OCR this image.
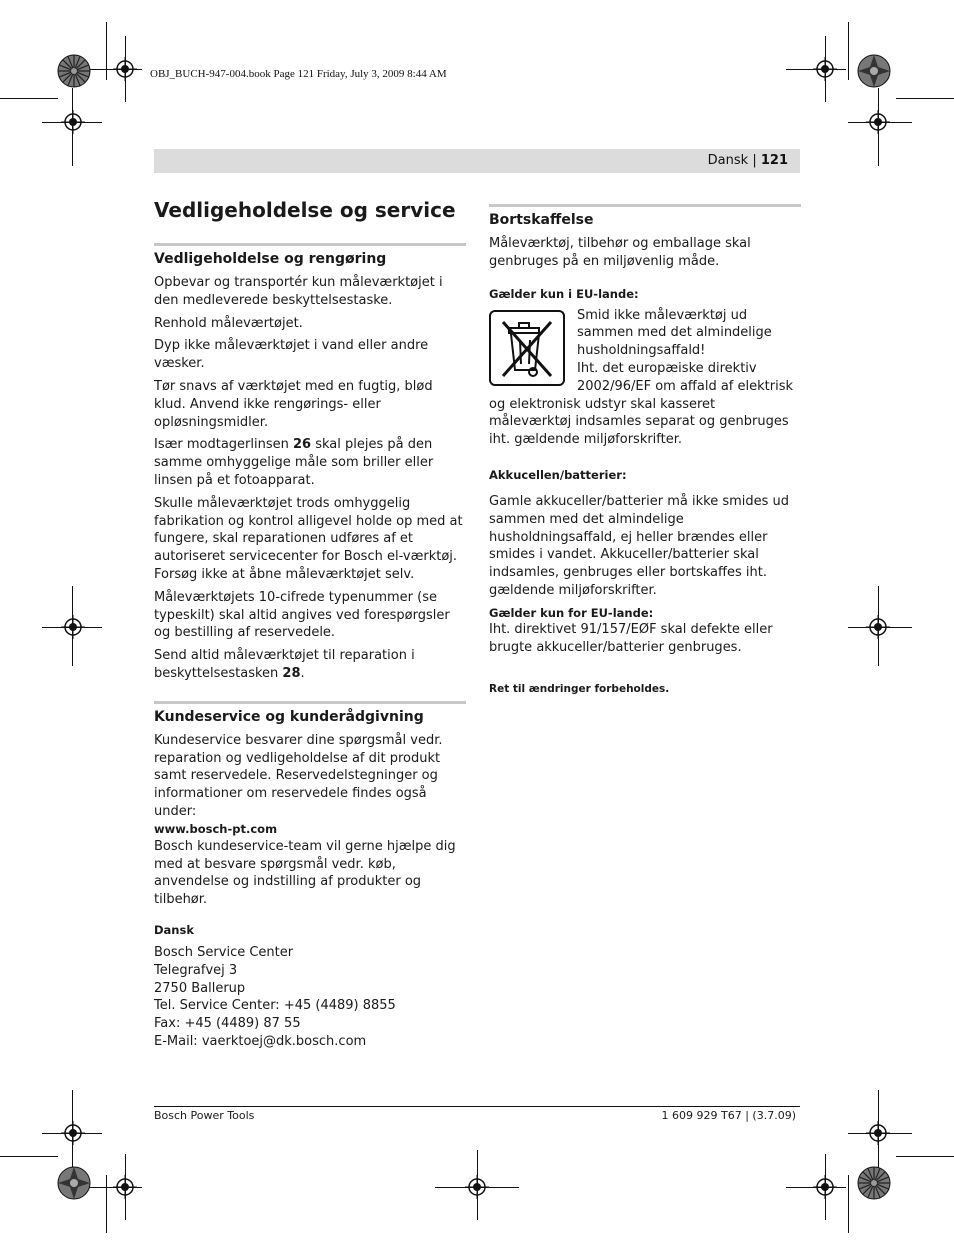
OBJ_BUCH-947-004.book Page 121 Friday, July 3, 2009 8:44 AM
Dansk | 121
Vedligeholdelse og service
Vedligeholdelse og rengøring

Opbevar og transportér kun måleværktøjet i den medleverede beskyttelsestaske.

Renhold måleværtøjet.

Dyp ikke måleværktøjet i vand eller andre væsker.

Tør snavs af værktøjet med en fugtig, blød klud. Anvend ikke rengørings- eller opløsningsmidler.

Især modtagerlinsen 26 skal plejes på den samme omhyggelige måle som briller eller linsen på et fotoapparat.

Skulle måleværktøjet trods omhyggelig fabrikation og kontrol alligevel holde op med at fungere, skal reparationen udføres af et autoriseret servicecenter for Bosch el-værktøj. Forsøg ikke at åbne måleværktøjet selv.

Måleværktøjets 10-cifrede typenummer (se typeskilt) skal altid angives ved forespørgsler og bestilling af reservedele.

Send altid måleværktøjet til reparation i beskyttelsestasken 28.

Kundeservice og kunderådgivning

Kundeservice besvarer dine spørgsmål vedr. reparation og vedligeholdelse af dit produkt samt reservedele. Reservedelstegninger og informationer om reservedele findes også under:

www.bosch-pt.com

Bosch kundeservice-team vil gerne hjælpe dig med at besvare spørgsmål vedr. køb, anvendelse og indstilling af produkter og tilbehør.

Dansk

Bosch Service Center

Telegrafvej 3

2750 Ballerup

Tel. Service Center: +45 (4489) 8855

Fax: +45 (4489) 87 55

E-Mail: vaerktoej@dk.bosch.com

Bortskaffelse

Måleværktøj, tilbehør og emballage skal genbruges på en miljøvenlig måde.

Gælder kun i EU-lande:

Smid ikke måleværktøj ud sammen med det almindelige husholdningsaffald!

Iht. det europæiske direktiv 2002/96/EF om affald af elektrisk og elektronisk udstyr skal kasseret måleværktøj indsamles separat og genbruges iht. gældende miljøforskrifter.

Akkucellen/batterier:

Gamle akkuceller/batterier må ikke smides ud sammen med det almindelige husholdningsaffald, ej heller brændes eller smides i vandet. Akkuceller/batterier skal indsamles, genbruges eller bortskaffes iht. gældende miljøforskrifter.

Gælder kun for EU-lande:

Iht. direktivet 91/157/EØF skal defekte eller brugte akkuceller/batterier genbruges.

Ret til ændringer forbeholdes.

Bosch Power Tools	1 609 929 T67 | (3.7.09)
